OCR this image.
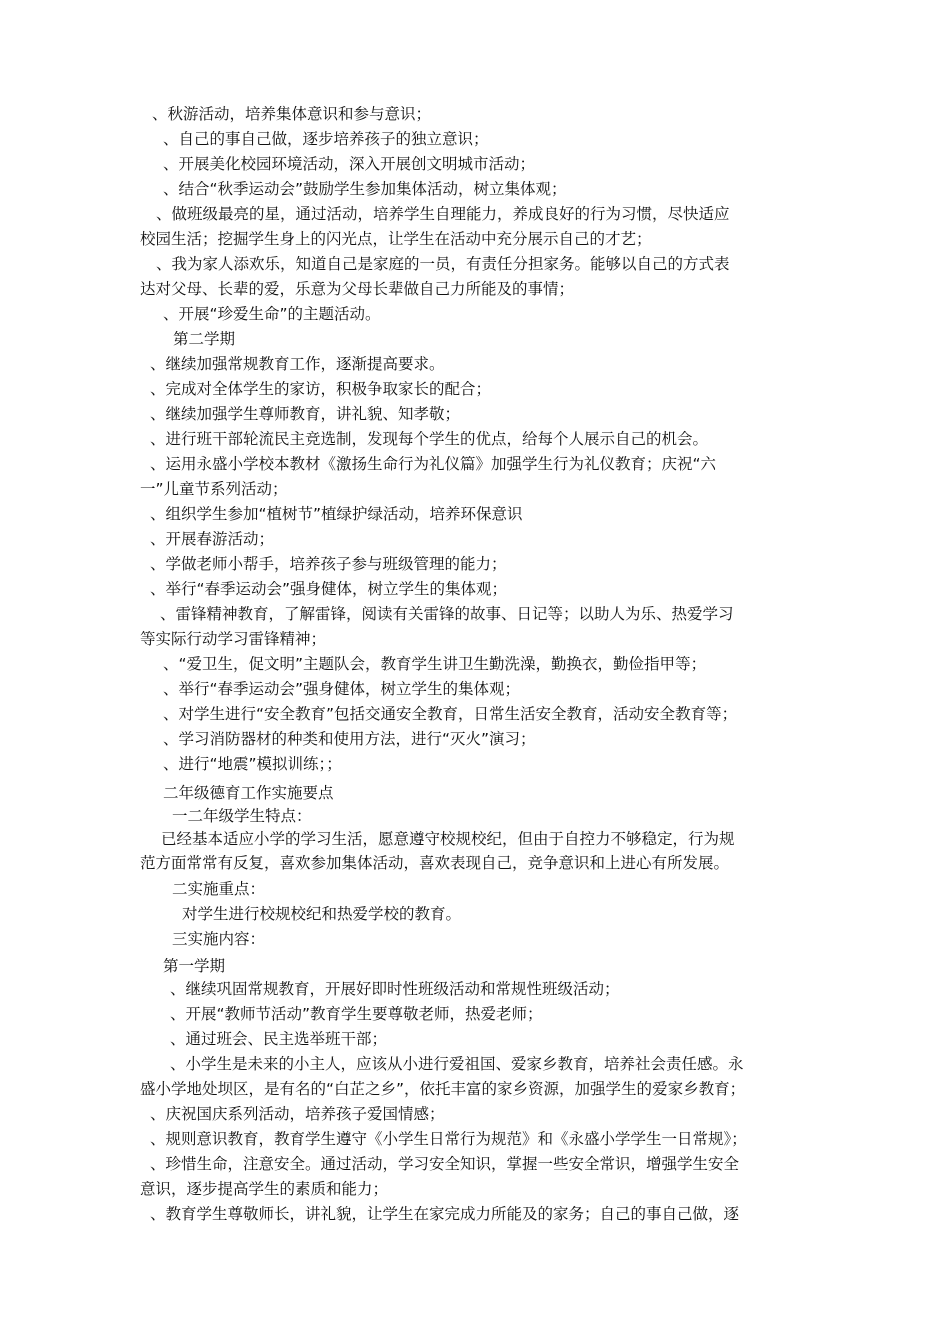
、秋游活动，培养集体意识和参与意识；
、自己的事自己做，逐步培养孩子的独立意识；
、开展美化校园环境活动，深入开展创文明城市活动；
、结合“秋季运动会”鼓励学生参加集体活动，树立集体观；
、做班级最亮的星，通过活动，培养学生自理能力，养成良好的行为习惯，尽快适应
校园生活；挖掘学生身上的闪光点，让学生在活动中充分展示自己的才艺；
、我为家人添欢乐，知道自己是家庭的一员，有责任分担家务。能够以自己的方式表
达对父母、长辈的爱，乐意为父母长辈做自己力所能及的事情；
、开展“珍爱生命”的主题活动。
第二学期
、继续加强常规教育工作，逐渐提高要求。
、完成对全体学生的家访，积极争取家长的配合；
、继续加强学生尊师教育，讲礼貌、知孝敬；
、进行班干部轮流民主竞选制，发现每个学生的优点，给每个人展示自己的机会。
、运用永盛小学校本教材《激扬生命行为礼仪篇》加强学生行为礼仪教育；庆祝“六
一”儿童节系列活动；
、组织学生参加“植树节”植绿护绿活动，培养环保意识
、开展春游活动；
、学做老师小帮手，培养孩子参与班级管理的能力；
、举行“春季运动会”强身健体，树立学生的集体观；
、雷锋精神教育，了解雷锋，阅读有关雷锋的故事、日记等；以助人为乐、热爱学习
等实际行动学习雷锋精神；
、“爱卫生，促文明”主题队会，教育学生讲卫生勤洗澡，勤换衣，勤俭指甲等；
、举行“春季运动会”强身健体，树立学生的集体观；
、对学生进行“安全教育”包括交通安全教育，日常生活安全教育，活动安全教育等；
、学习消防器材的种类和使用方法，进行“灭火”演习；
、进行“地震”模拟训练；；
二年级德育工作实施要点
一二年级学生特点：
已经基本适应小学的学习生活，愿意遵守校规校纪，但由于自控力不够稳定，行为规
范方面常常有反复，喜欢参加集体活动，喜欢表现自己，竞争意识和上进心有所发展。
二实施重点：
对学生进行校规校纪和热爱学校的教育。
三实施内容：
第一学期
、继续巩固常规教育，开展好即时性班级活动和常规性班级活动；
、开展“教师节活动”教育学生要尊敬老师，热爱老师；
、通过班会、民主选举班干部；
、小学生是未来的小主人，应该从小进行爱祖国、爱家乡教育，培养社会责任感。永
盛小学地处坝区，是有名的“白芷之乡”，依托丰富的家乡资源，加强学生的爱家乡教育；
、庆祝国庆系列活动，培养孩子爱国情感；
、规则意识教育，教育学生遵守《小学生日常行为规范》和《永盛小学学生一日常规》；
、珍惜生命，注意安全。通过活动，学习安全知识，掌握一些安全常识，增强学生安全
意识，逐步提高学生的素质和能力；
、教育学生尊敬师长，讲礼貌，让学生在家完成力所能及的家务；自己的事自己做，逐
